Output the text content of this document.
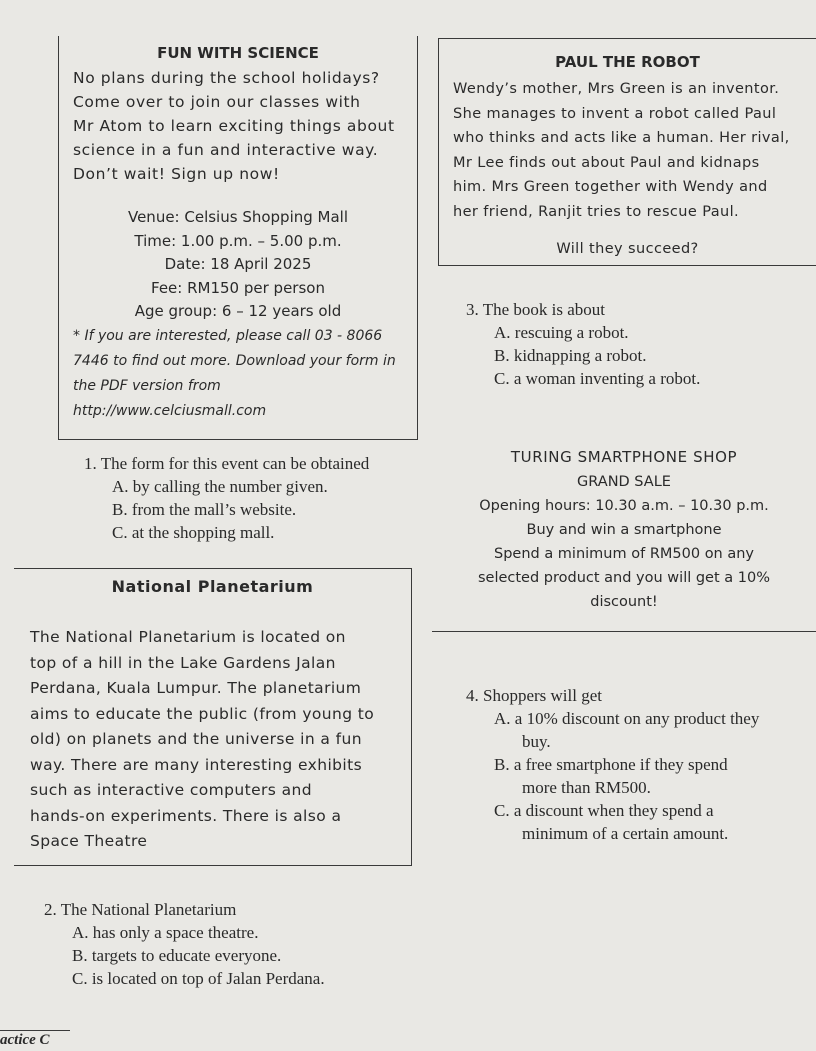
FUN WITH SCIENCE

No plans during the school holidays?

Come over to join our classes with

Mr Atom to learn exciting things about

science in a fun and interactive way.

Don’t wait! Sign up now!

Venue: Celsius Shopping Mall

Time: 1.00 p.m. – 5.00 p.m.

Date: 18 April 2025

Fee: RM150 per person

Age group: 6 – 12 years old

* If you are interested, please call 03 - 8066

7446 to find out more. Download your form in

the PDF version from

http://www.celciusmall.com

PAUL THE ROBOT

Wendy’s mother, Mrs Green is an inventor.

She manages to invent a robot called Paul

who thinks and acts like a human. Her rival,

Mr Lee finds out about Paul and kidnaps

him. Mrs Green together with Wendy and

her friend, Ranjit tries to rescue Paul.

Will they succeed?

3. The book is about

A. rescuing a robot.

B. kidnapping a robot.

C. a woman inventing a robot.

1. The form for this event can be obtained

A. by calling the number given.

B. from the mall’s website.

C. at the shopping mall.

TURING SMARTPHONE SHOP

GRAND SALE

Opening hours: 10.30 a.m. – 10.30 p.m.

Buy and win a smartphone

Spend a minimum of RM500 on any

selected product and you will get a 10%

discount!

National Planetarium

The National Planetarium is located on

top of a hill in the Lake Gardens Jalan

Perdana, Kuala Lumpur. The planetarium

aims to educate the public (from young to

old) on planets and the universe in a fun

way. There are many interesting exhibits

such as interactive computers and

hands-on experiments. There is also a

Space Theatre

4. Shoppers will get

A. a 10% discount on any product they

buy.

B. a free smartphone if they spend

more than RM500.

C. a discount when they spend a

minimum of a certain amount.

2. The National Planetarium

A. has only a space theatre.

B. targets to educate everyone.

C. is located on top of Jalan Perdana.

actice C
